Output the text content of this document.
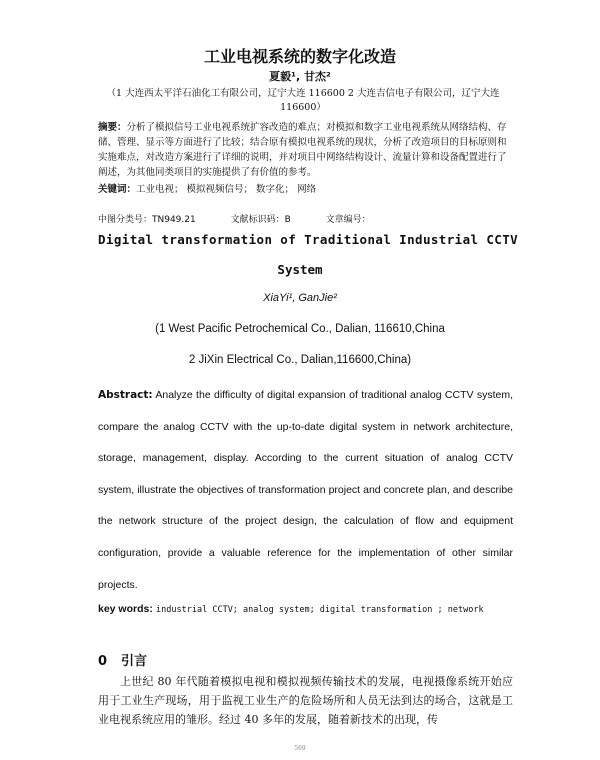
工业电视系统的数字化改造
夏毅¹, 甘杰²
（1 大连西太平洋石油化工有限公司，辽宁大连 116600 2 大连吉信电子有限公司，辽宁大连 116600）
摘要：分析了模拟信号工业电视系统扩容改造的难点；对模拟和数字工业电视系统从网络结构、存储、管理、显示等方面进行了比较；结合原有模拟电视系统的现状，分析了改造项目的目标原则和实施难点，对改造方案进行了详细的说明，并对项目中网络结构设计、流量计算和设备配置进行了阐述，为其他同类项目的实施提供了有价值的参考。
关键词：工业电视； 模拟视频信号； 数字化； 网络
中图分类号：TN949.21	文献标识码：B	文章编号：
Digital transformation of Traditional Industrial CCTV
System
XiaYi¹, GanJie²
(1 West Pacific Petrochemical Co., Dalian, 116610,China
2 JiXin Electrical Co., Dalian,116600,China)
Abstract: Analyze the difficulty of digital expansion of traditional analog CCTV system, compare the analog CCTV with the up-to-date digital system in network architecture, storage, management, display. According to the current situation of analog CCTV system, illustrate the objectives of transformation project and concrete plan, and describe the network structure of the project design, the calculation of flow and equipment configuration, provide a valuable reference for the implementation of other similar projects.
key words: industrial CCTV; analog system; digital transformation ; network
0 引言
上世纪 80 年代随着模拟电视和模拟视频传输技术的发展，电视摄像系统开始应用于工业生产现场，用于监视工业生产的危险场所和人员无法到达的场合，这就是工业电视系统应用的雏形。经过 40 多年的发展，随着新技术的出现，传
569
